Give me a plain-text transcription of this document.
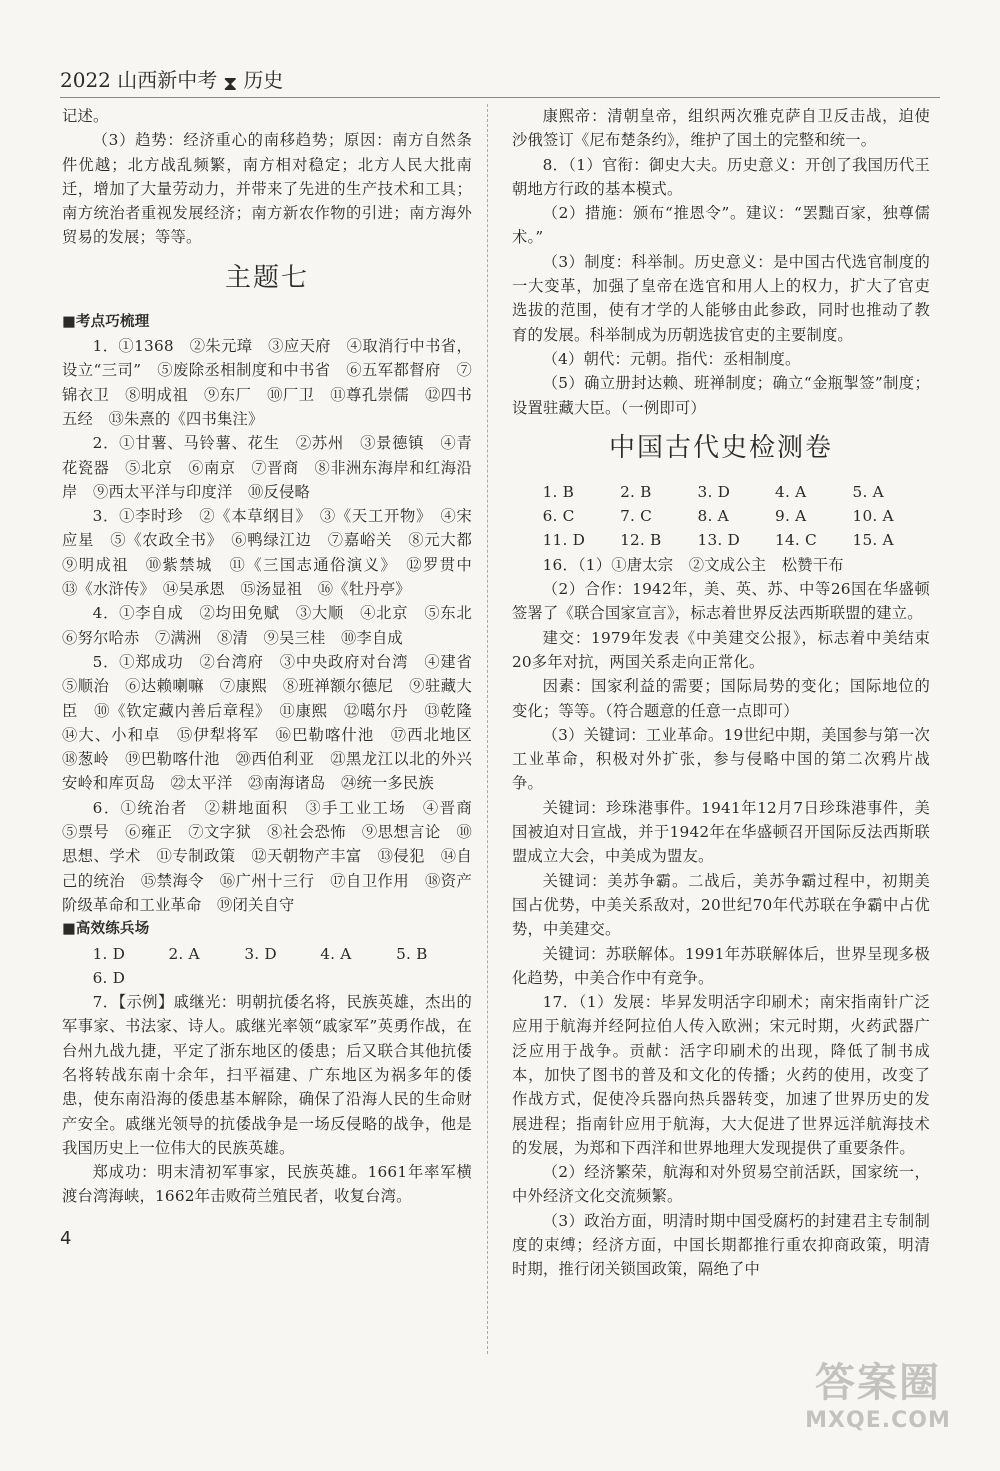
2022 山西新中考 ⧗ 历史

记述。

（3）趋势：经济重心的南移趋势；原因：南方自然条件优越；北方战乱频繁，南方相对稳定；北方人民大批南迁，增加了大量劳动力，并带来了先进的生产技术和工具；南方统治者重视发展经济；南方新农作物的引进；南方海外贸易的发展；等等。

主题七

■考点巧梳理

1．①1368　②朱元璋　③应天府　④取消行中书省，设立“三司”　⑤废除丞相制度和中书省　⑥五军都督府　⑦锦衣卫　⑧明成祖　⑨东厂　⑩厂卫　⑪尊孔崇儒　⑫四书　五经　⑬朱熹的《四书集注》

2．①甘薯、马铃薯、花生　②苏州　③景德镇　④青花瓷器　⑤北京　⑥南京　⑦晋商　⑧非洲东海岸和红海沿岸　⑨西太平洋与印度洋　⑩反侵略

3．①李时珍　②《本草纲目》　③《天工开物》　④宋应星　⑤《农政全书》　⑥鸭绿江边　⑦嘉峪关　⑧元大都　⑨明成祖　⑩紫禁城　⑪《三国志通俗演义》　⑫罗贯中　⑬《水浒传》　⑭吴承恩　⑮汤显祖　⑯《牡丹亭》

4．①李自成　②均田免赋　③大顺　④北京　⑤东北　⑥努尔哈赤　⑦满洲　⑧清　⑨吴三桂　⑩李自成

5．①郑成功　②台湾府　③中央政府对台湾　④建省　⑤顺治　⑥达赖喇嘛　⑦康熙　⑧班禅额尔德尼　⑨驻藏大臣　⑩《钦定藏内善后章程》　⑪康熙　⑫噶尔丹　⑬乾隆　⑭大、小和卓　⑮伊犁将军　⑯巴勒喀什池　⑰西北地区　⑱葱岭　⑲巴勒喀什池　⑳西伯利亚　㉑黑龙江以北的外兴安岭和库页岛　㉒太平洋　㉓南海诸岛　㉔统一多民族

6．①统治者　②耕地面积　③手工业工场　④晋商　⑤票号　⑥雍正　⑦文字狱　⑧社会恐怖　⑨思想言论　⑩思想、学术　⑪专制政策　⑫天朝物产丰富　⑬侵犯　⑭自己的统治　⑮禁海令　⑯广州十三行　⑰自卫作用　⑱资产阶级革命和工业革命　⑲闭关自守

■高效练兵场

1. D	2. A	3. D	4. A	5. B
6. D

7．【示例】戚继光：明朝抗倭名将，民族英雄，杰出的军事家、书法家、诗人。戚继光率领“戚家军”英勇作战，在台州九战九捷，平定了浙东地区的倭患；后又联合其他抗倭名将转战东南十余年，扫平福建、广东地区为祸多年的倭患，使东南沿海的倭患基本解除，确保了沿海人民的生命财产安全。戚继光领导的抗倭战争是一场反侵略的战争，他是我国历史上一位伟大的民族英雄。

郑成功：明末清初军事家，民族英雄。1661年率军横渡台湾海峡，1662年击败荷兰殖民者，收复台湾。

康熙帝：清朝皇帝，组织两次雅克萨自卫反击战，迫使沙俄签订《尼布楚条约》，维护了国土的完整和统一。

8．（1）官衔：御史大夫。历史意义：开创了我国历代王朝地方行政的基本模式。

（2）措施：颁布“推恩令”。建议：“罢黜百家，独尊儒术。”

（3）制度：科举制。历史意义：是中国古代选官制度的一大变革，加强了皇帝在选官和用人上的权力，扩大了官吏选拔的范围，使有才学的人能够由此参政，同时也推动了教育的发展。科举制成为历朝选拔官吏的主要制度。

（4）朝代：元朝。指代：丞相制度。

（5）确立册封达赖、班禅制度；确立“金瓶掣签”制度；设置驻藏大臣。（一例即可）

中国古代史检测卷
1. B	2. B	3. D	4. A	5. A
6. C	7. C	8. A	9. A	10. A
11. D	12. B	13. D	14. C	15. A

16．（1）①唐太宗　②文成公主　松赞干布

（2）合作：1942年，美、英、苏、中等26国在华盛顿签署了《联合国家宣言》，标志着世界反法西斯联盟的建立。

建交：1979年发表《中美建交公报》，标志着中美结束20多年对抗，两国关系走向正常化。

因素：国家利益的需要；国际局势的变化；国际地位的变化；等等。（符合题意的任意一点即可）

（3）关键词：工业革命。19世纪中期，美国参与第一次工业革命，积极对外扩张，参与侵略中国的第二次鸦片战争。

关键词：珍珠港事件。1941年12月7日珍珠港事件，美国被迫对日宣战，并于1942年在华盛顿召开国际反法西斯联盟成立大会，中美成为盟友。

关键词：美苏争霸。二战后，美苏争霸过程中，初期美国占优势，中美关系敌对，20世纪70年代苏联在争霸中占优势，中美建交。

关键词：苏联解体。1991年苏联解体后，世界呈现多极化趋势，中美合作中有竞争。

17．（1）发展：毕昇发明活字印刷术；南宋指南针广泛应用于航海并经阿拉伯人传入欧洲；宋元时期，火药武器广泛应用于战争。贡献：活字印刷术的出现，降低了制书成本，加快了图书的普及和文化的传播；火药的使用，改变了作战方式，促使冷兵器向热兵器转变，加速了世界历史的发展进程；指南针应用于航海，大大促进了世界远洋航海技术的发展，为郑和下西洋和世界地理大发现提供了重要条件。

（2）经济繁荣，航海和对外贸易空前活跃，国家统一，中外经济文化交流频繁。

（3）政治方面，明清时期中国受腐朽的封建君主专制制度的束缚；经济方面，中国长期都推行重农抑商政策，明清时期，推行闭关锁国政策，隔绝了中

4
答案圈
MXQE.COM
